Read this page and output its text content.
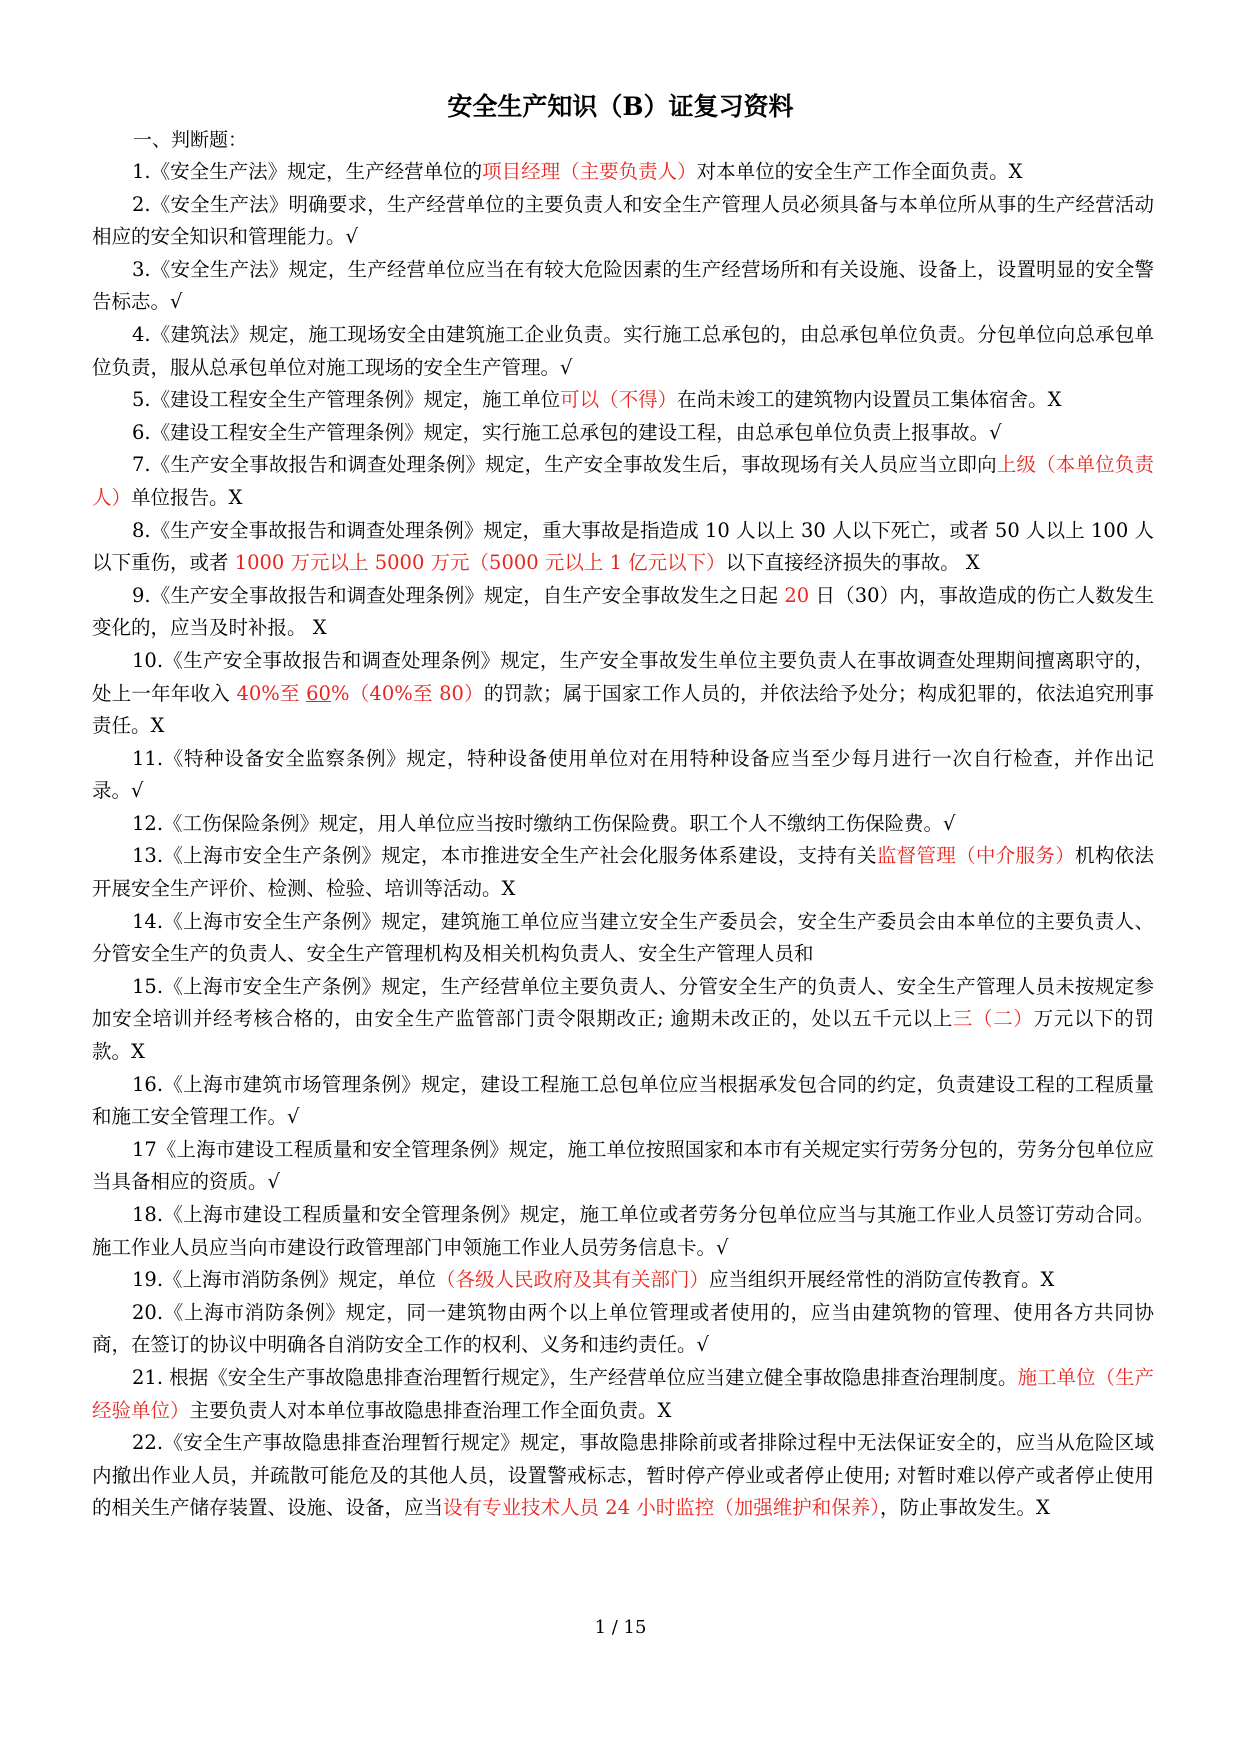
安全生产知识（B）证复习资料

一、判断题：

1.《安全生产法》规定，生产经营单位的项目经理（主要负责人）对本单位的安全生产工作全面负责。X

2.《安全生产法》明确要求，生产经营单位的主要负责人和安全生产管理人员必须具备与本单位所从事的生产经营活动相应的安全知识和管理能力。√

3.《安全生产法》规定，生产经营单位应当在有较大危险因素的生产经营场所和有关设施、设备上，设置明显的安全警告标志。√

4.《建筑法》规定，施工现场安全由建筑施工企业负责。实行施工总承包的，由总承包单位负责。分包单位向总承包单位负责，服从总承包单位对施工现场的安全生产管理。√

5.《建设工程安全生产管理条例》规定，施工单位可以（不得）在尚未竣工的建筑物内设置员工集体宿舍。X

6.《建设工程安全生产管理条例》规定，实行施工总承包的建设工程，由总承包单位负责上报事故。√

7.《生产安全事故报告和调查处理条例》规定，生产安全事故发生后，事故现场有关人员应当立即向上级（本单位负责人）单位报告。X

8.《生产安全事故报告和调查处理条例》规定，重大事故是指造成 10 人以上 30 人以下死亡，或者 50 人以上 100 人以下重伤，或者 1000 万元以上 5000 万元（5000 元以上 1 亿元以下）以下直接经济损失的事故。 X

9.《生产安全事故报告和调查处理条例》规定，自生产安全事故发生之日起 20 日（30）内，事故造成的伤亡人数发生变化的，应当及时补报。 X

10.《生产安全事故报告和调查处理条例》规定，生产安全事故发生单位主要负责人在事故调查处理期间擅离职守的，处上一年年收入 40%至 60%（40%至 80）的罚款；属于国家工作人员的，并依法给予处分；构成犯罪的，依法追究刑事责任。X

11.《特种设备安全监察条例》规定，特种设备使用单位对在用特种设备应当至少每月进行一次自行检查，并作出记录。√

12.《工伤保险条例》规定，用人单位应当按时缴纳工伤保险费。职工个人不缴纳工伤保险费。√

13.《上海市安全生产条例》规定，本市推进安全生产社会化服务体系建设，支持有关监督管理（中介服务）机构依法开展安全生产评价、检测、检验、培训等活动。X

14.《上海市安全生产条例》规定，建筑施工单位应当建立安全生产委员会，安全生产委员会由本单位的主要负责人、分管安全生产的负责人、安全生产管理机构及相关机构负责人、安全生产管理人员和

15.《上海市安全生产条例》规定，生产经营单位主要负责人、分管安全生产的负责人、安全生产管理人员未按规定参加安全培训并经考核合格的，由安全生产监管部门责令限期改正; 逾期未改正的，处以五千元以上三（二）万元以下的罚款。X

16.《上海市建筑市场管理条例》规定，建设工程施工总包单位应当根据承发包合同的约定，负责建设工程的工程质量和施工安全管理工作。√

17《上海市建设工程质量和安全管理条例》规定，施工单位按照国家和本市有关规定实行劳务分包的，劳务分包单位应当具备相应的资质。√

18.《上海市建设工程质量和安全管理条例》规定，施工单位或者劳务分包单位应当与其施工作业人员签订劳动合同。施工作业人员应当向市建设行政管理部门申领施工作业人员劳务信息卡。√

19.《上海市消防条例》规定，单位（各级人民政府及其有关部门）应当组织开展经常性的消防宣传教育。X

20.《上海市消防条例》规定，同一建筑物由两个以上单位管理或者使用的，应当由建筑物的管理、使用各方共同协商，在签订的协议中明确各自消防安全工作的权利、义务和违约责任。√

21. 根据《安全生产事故隐患排查治理暂行规定》，生产经营单位应当建立健全事故隐患排查治理制度。施工单位（生产经验单位）主要负责人对本单位事故隐患排查治理工作全面负责。X

22.《安全生产事故隐患排查治理暂行规定》规定，事故隐患排除前或者排除过程中无法保证安全的，应当从危险区域内撤出作业人员，并疏散可能危及的其他人员，设置警戒标志，暂时停产停业或者停止使用; 对暂时难以停产或者停止使用的相关生产储存装置、设施、设备，应当设有专业技术人员 24 小时监控（加强维护和保养），防止事故发生。X

1 / 15
